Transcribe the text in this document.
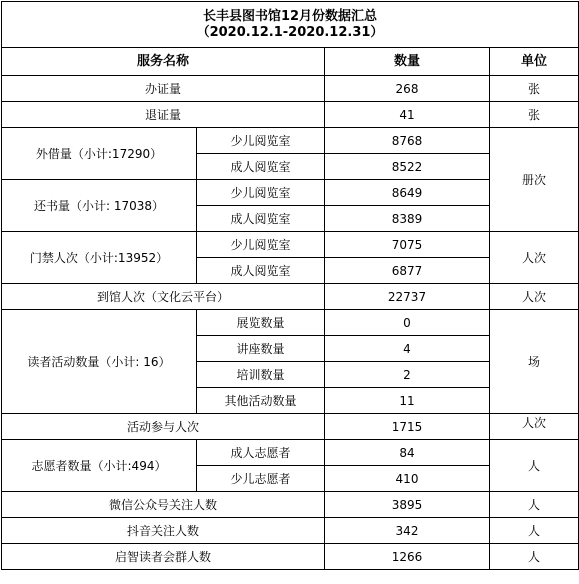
长丰县图书馆12月份数据汇总
（2020.12.1-2020.12.31）			

服务名称		数量	单位
办证量		268	张
退证量		41	张
外借量（小计:17290）	少儿阅览室	8768	册次
	成人阅览室	8522	
还书量（小计: 17038）	少儿阅览室	8649	
	成人阅览室	8389	
门禁人次（小计:13952）	少儿阅览室	7075	人次
	成人阅览室	6877	
到馆人次（文化云平台）		22737	人次
读者活动数量（小计: 16）	展览数量	0	场
	讲座数量	4	
	培训数量	2	
	其他活动数量	11	
活动参与人次		1715	人次
志愿者数量（小计:494）	成人志愿者	84	人
	少儿志愿者	410	
微信公众号关注人数		3895	人
抖音关注人数		342	人
启智读者会群人数		1266	人
